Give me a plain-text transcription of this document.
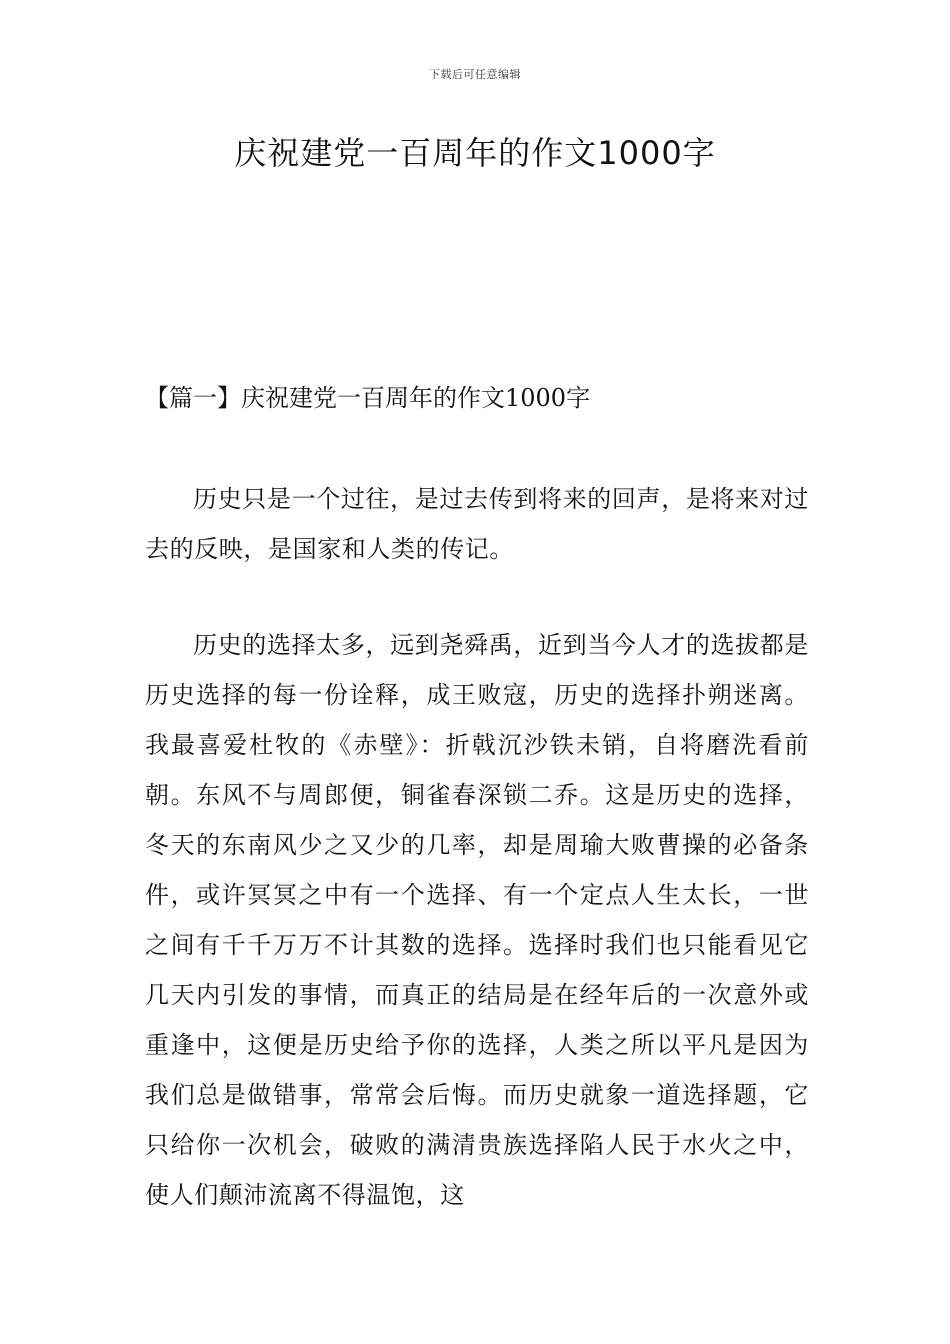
下载后可任意编辑
庆祝建党一百周年的作文1000字

【篇一】庆祝建党一百周年的作文1000字

历史只是一个过往，是过去传到将来的回声，是将来对过去的反映，是国家和人类的传记。

历史的选择太多，远到尧舜禹，近到当今人才的选拔都是历史选择的每一份诠释，成王败寇，历史的选择扑朔迷离。我最喜爱杜牧的《赤壁》：折戟沉沙铁未销，自将磨洗看前朝。东风不与周郎便，铜雀春深锁二乔。这是历史的选择，冬天的东南风少之又少的几率，却是周瑜大败曹操的必备条件，或许冥冥之中有一个选择、有一个定点人生太长，一世之间有千千万万不计其数的选择。选择时我们也只能看见它几天内引发的事情，而真正的结局是在经年后的一次意外或重逢中，这便是历史给予你的选择，人类之所以平凡是因为我们总是做错事，常常会后悔。而历史就象一道选择题，它只给你一次机会，破败的满清贵族选择陷人民于水火之中，使人们颠沛流离不得温饱，这
